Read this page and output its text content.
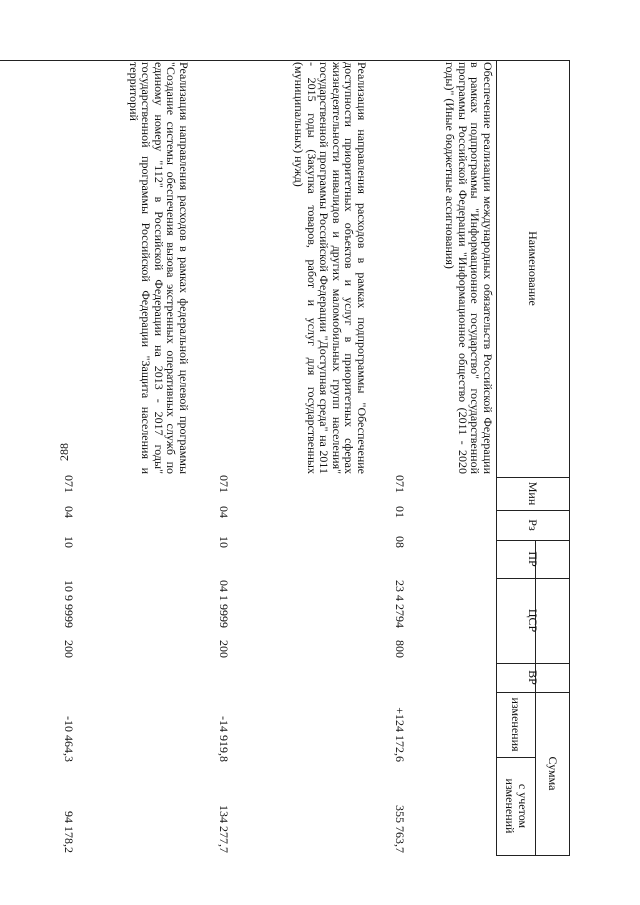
288
Наименование
Мин
Рз
ПР
ЦСР
ВР
Сумма
изменения
с учетом изменений
Обеспечение реализации международных обязательств Российской Федерации в рамках подпрограммы "Информационное государство" государственной программы Российской Федерации "Информационное общество (2011 - 2020 годы)" (Иные бюджетные ассигнования)
071
01
08
23 4 2794
800
+124 172,6
355 763,7
Реализация направления расходов в рамках подпрограммы "Обеспечение доступности приоритетных объектов и услуг в приоритетных сферах жизнедеятельности инвалидов и других маломобильных групп населения" государственной программы Российской Федерации "Доступная среда" на 2011 - 2015 годы (Закупка товаров, работ и услуг для государственных (муниципальных) нужд)
071
04
10
04 1 9999
200
-14 919,8
134 277,7
Реализация направления расходов в рамках федеральной целевой программы "Создание системы обеспечения вызова экстренных оперативных служб по единому номеру "112" в Российской Федерации на 2013 - 2017 годы" государственной программы Российской Федерации "Защита населения и территорий
071
04
10
10 9 9999
200
-10 464,3
94 178,2
